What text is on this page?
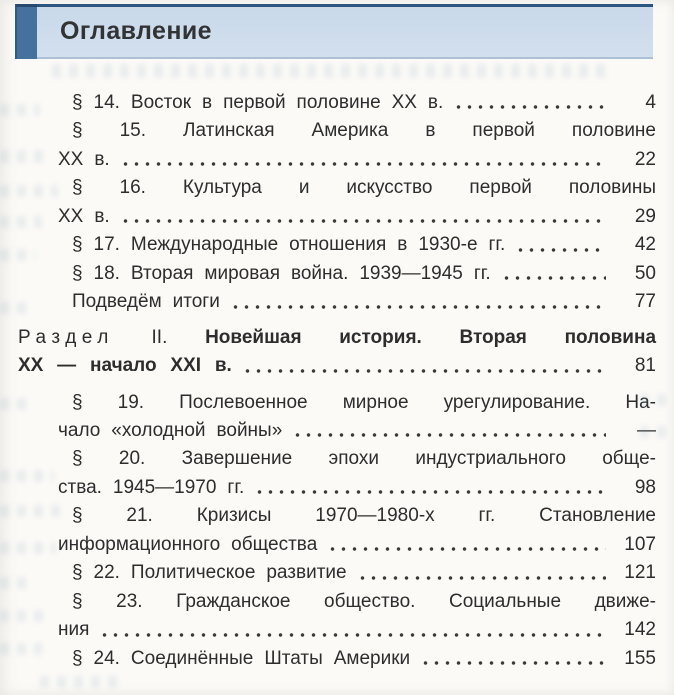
Оглавление
§ 14. Восток в первой половине XX в.	4
§ 15. Латинская Америка в первой половине
XX в.	22
§ 16. Культура и искусство первой половины
XX в.	29
§ 17. Международные отношения в 1930-е гг.	42
§ 18. Вторая мировая война. 1939—1945 гг.	50
Подведём итоги	77
Раздел II. Новейшая история. Вторая половина
XX — начало XXI в.	81
§ 19. Послевоенное мирное урегулирование. На-
чало «холодной войны»	—
§ 20. Завершение эпохи индустриального обще-
ства. 1945—1970 гг.	98
§ 21. Кризисы 1970—1980-х гг. Становление
информационного общества	107
§ 22. Политическое развитие	121
§ 23. Гражданское общество. Социальные движе-
ния	142
§ 24. Соединённые Штаты Америки	155
